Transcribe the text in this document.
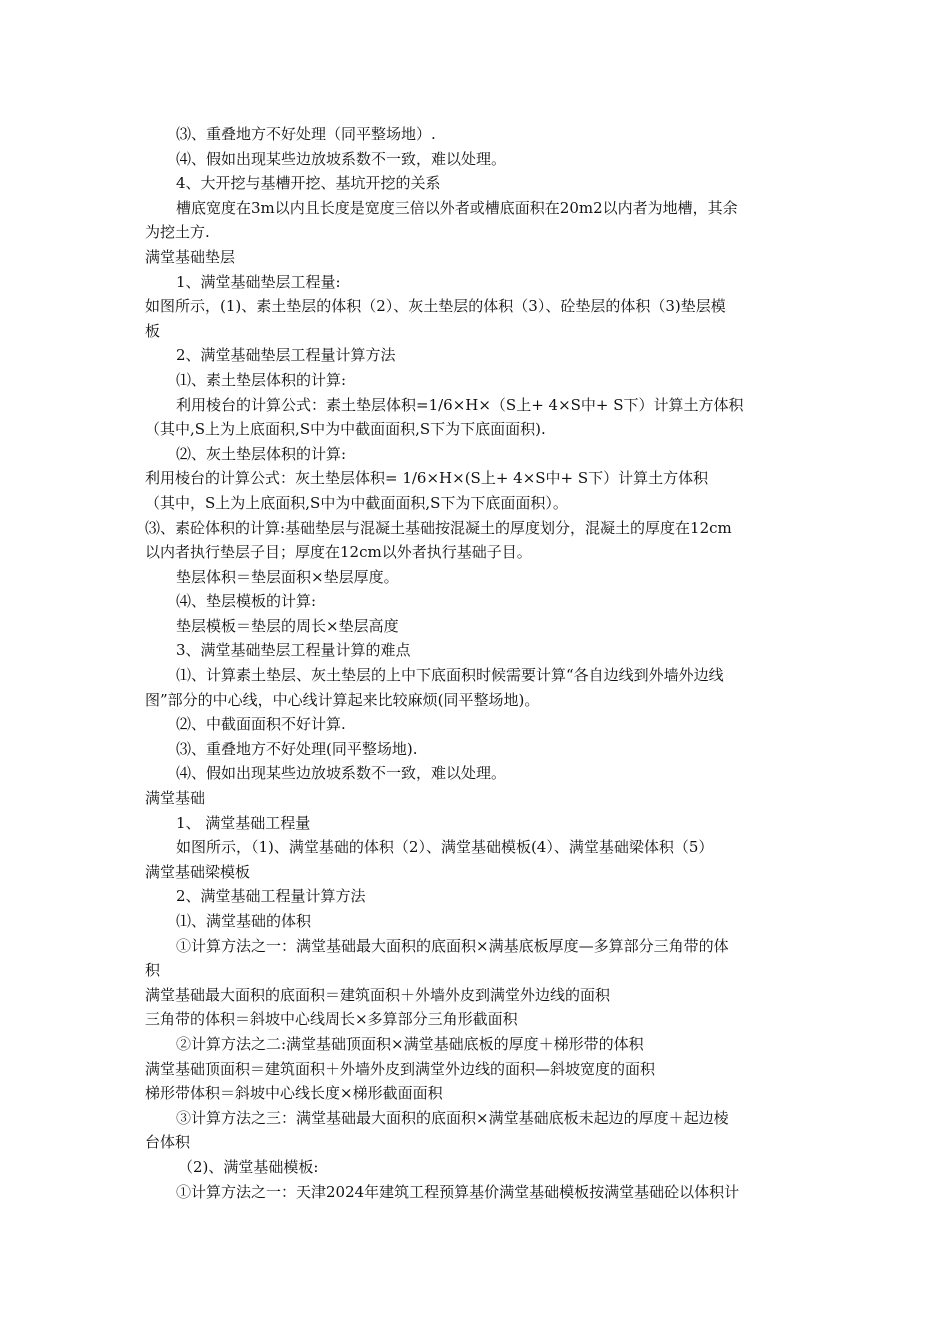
⑶、重叠地方不好处理（同平整场地）.
⑷、假如出现某些边放坡系数不一致，难以处理。
4、大开挖与基槽开挖、基坑开挖的关系
槽底宽度在3m以内且长度是宽度三倍以外者或槽底面积在20m2以内者为地槽，其余
为挖土方.
满堂基础垫层
1、满堂基础垫层工程量:
如图所示，(1)、素土垫层的体积（2）、灰土垫层的体积（3）、砼垫层的体积（3)垫层模
板
2、满堂基础垫层工程量计算方法
⑴、素土垫层体积的计算:
利用棱台的计算公式：素土垫层体积=1/6×H×（S上+ 4×S中+ S下）计算土方体积
（其中,S上为上底面积,S中为中截面面积,S下为下底面面积).
⑵、灰土垫层体积的计算:
利用棱台的计算公式：灰土垫层体积= 1/6×H×(S上+ 4×S中+ S下）计算土方体积
（其中，S上为上底面积,S中为中截面面积,S下为下底面面积）。
⑶、素砼体积的计算:基础垫层与混凝土基础按混凝土的厚度划分，混凝土的厚度在12cm
以内者执行垫层子目；厚度在12cm以外者执行基础子目。
垫层体积＝垫层面积×垫层厚度。
⑷、垫层模板的计算:
垫层模板＝垫层的周长×垫层高度
3、满堂基础垫层工程量计算的难点
⑴、计算素土垫层、灰土垫层的上中下底面积时候需要计算“各自边线到外墙外边线
图”部分的中心线，中心线计算起来比较麻烦(同平整场地)。
⑵、中截面面积不好计算.
⑶、重叠地方不好处理(同平整场地).
⑷、假如出现某些边放坡系数不一致，难以处理。
满堂基础
1、 满堂基础工程量
如图所示，（1)、满堂基础的体积（2）、满堂基础模板(4）、满堂基础梁体积（5）
满堂基础梁模板
2、满堂基础工程量计算方法
⑴、满堂基础的体积
①计算方法之一：满堂基础最大面积的底面积×满基底板厚度—多算部分三角带的体
积
满堂基础最大面积的底面积＝建筑面积＋外墙外皮到满堂外边线的面积
三角带的体积＝斜坡中心线周长×多算部分三角形截面积
②计算方法之二:满堂基础顶面积×满堂基础底板的厚度＋梯形带的体积
满堂基础顶面积＝建筑面积＋外墙外皮到满堂外边线的面积—斜坡宽度的面积
梯形带体积＝斜坡中心线长度×梯形截面面积
③计算方法之三：满堂基础最大面积的底面积×满堂基础底板未起边的厚度＋起边棱
台体积
（2)、满堂基础模板:
①计算方法之一：天津2024年建筑工程预算基价满堂基础模板按满堂基础砼以体积计
